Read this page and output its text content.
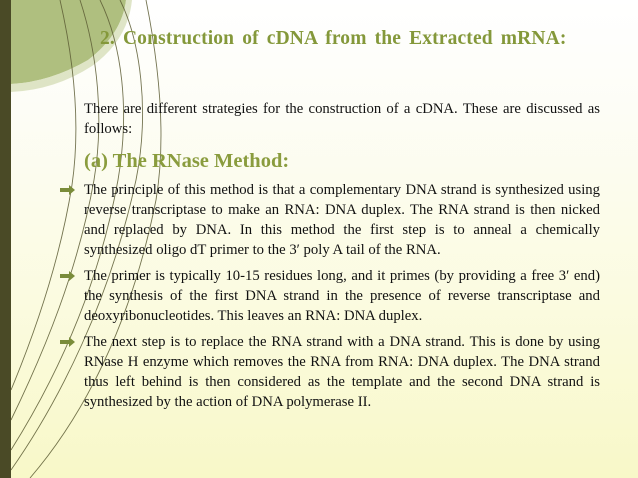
2. Construction of cDNA from the Extracted mRNA:

There are different strategies for the construction of a cDNA. These are discussed as follows:

(a) The RNase Method:

The principle of this method is that a complementary DNA strand is synthesized using reverse transcriptase to make an RNA: DNA duplex. The RNA strand is then nicked and replaced by DNA. In this method the first step is to anneal a chemically synthesized oligo dT primer to the 3′ poly A tail of the RNA.

The primer is typically 10-15 residues long, and it primes (by providing a free 3′ end) the synthesis of the first DNA strand in the presence of reverse transcriptase and deoxyribonucleotides. This leaves an RNA: DNA duplex.

The next step is to replace the RNA strand with a DNA strand. This is done by using RNase H enzyme which removes the RNA from RNA: DNA duplex. The DNA strand thus left behind is then considered as the template and the second DNA strand is synthesized by the action of DNA polymerase II.
